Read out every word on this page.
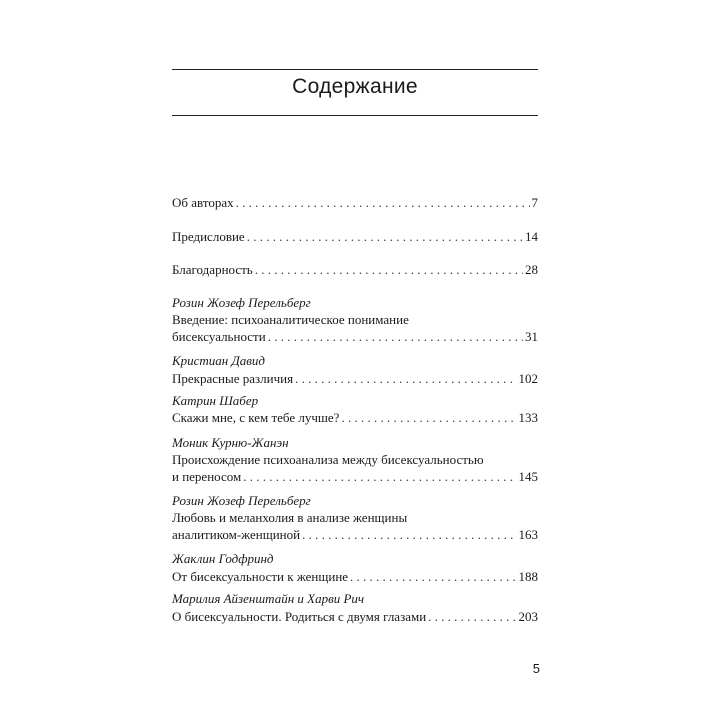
Содержание
Об авторах . . .	7
Предисловие . . .	14
Благодарность . . .	28
Розин Жозеф Перельберг
Введение: психоаналитическое понимание
бисексуальности . . .	31
Кристиан Давид
Прекрасные различия . . .	102
Катрин Шабер
Скажи мне, с кем тебе лучше? . . .	133
Моник Курню-Жанэн
Происхождение психоанализа между бисексуальностью
и переносом . . .	145
Розин Жозеф Перельберг
Любовь и меланхолия в анализе женщины
аналитиком-женщиной . . .	163
Жаклин Годфринд
От бисексуальности к женщине . . .	188
Марилия Айзенштайн и Харви Рич
О бисексуальности. Родиться с двумя глазами . . .	203
5
